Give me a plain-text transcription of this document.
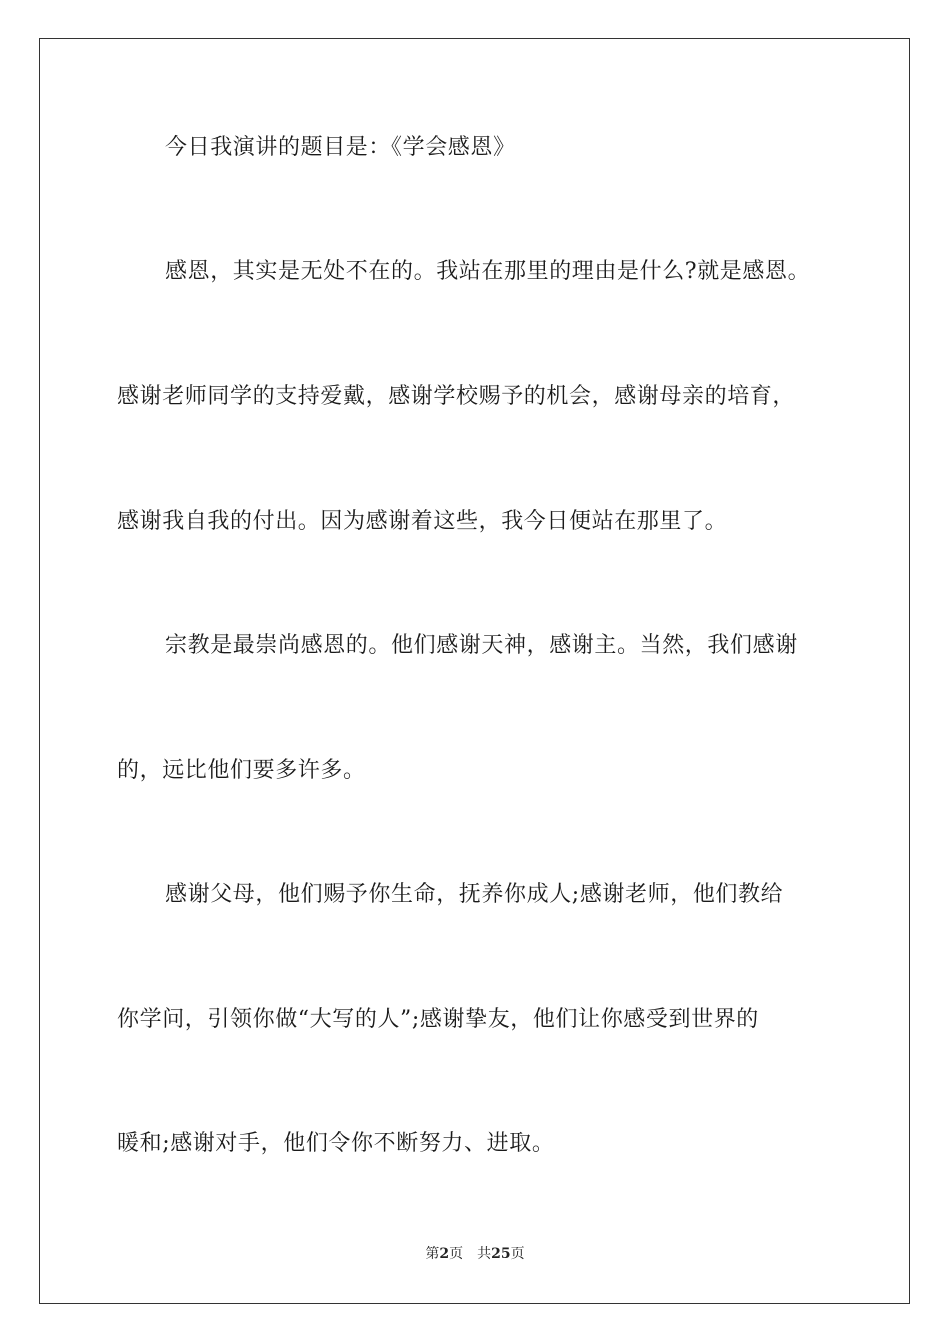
今日我演讲的题目是：《学会感恩》
感恩，其实是无处不在的。我站在那里的理由是什么?就是感恩。
感谢老师同学的支持爱戴，感谢学校赐予的机会，感谢母亲的培育，
感谢我自我的付出。因为感谢着这些，我今日便站在那里了。
宗教是最崇尚感恩的。他们感谢天神，感谢主。当然，我们感谢
的，远比他们要多许多。
感谢父母，他们赐予你生命，抚养你成人;感谢老师，他们教给
你学问，引领你做“大写的人”;感谢挚友，他们让你感受到世界的
暖和;感谢对手，他们令你不断努力、进取。
第2页 共25页
